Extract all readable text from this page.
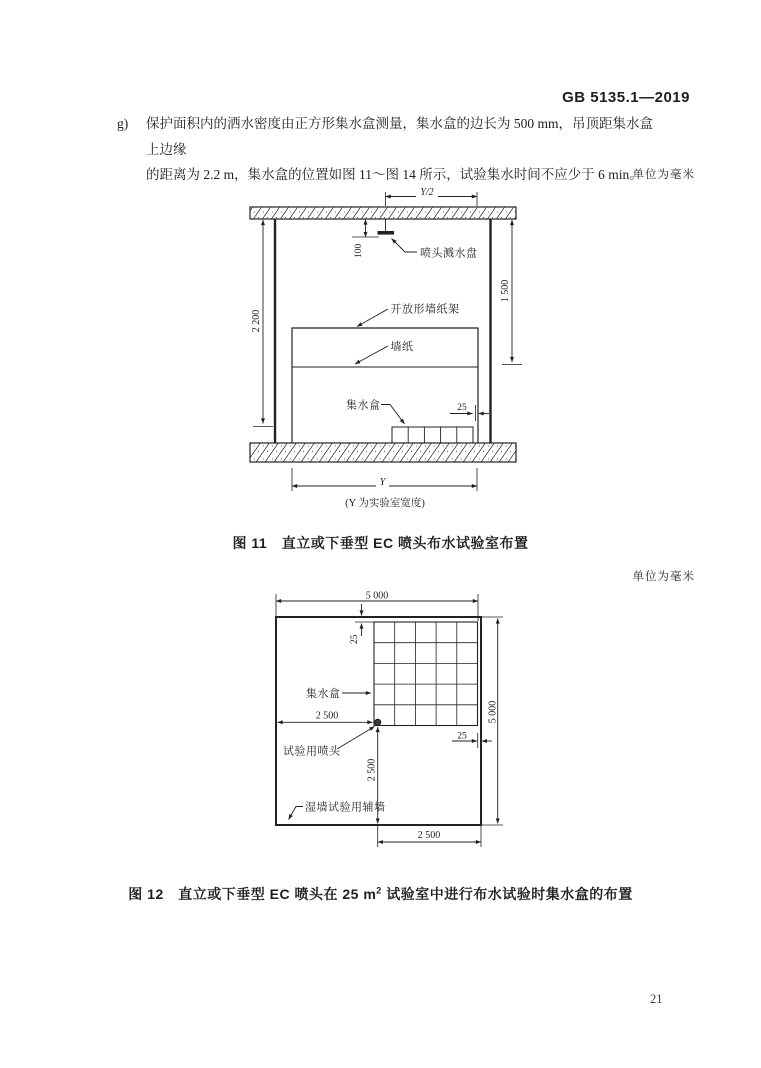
GB 5135.1—2019
g)	保护面积内的洒水密度由正方形集水盒测量，集水盒的边长为 500 mm，吊顶距集水盒上边缘
的距离为 2.2 m，集水盒的位置如图 11～图 14 所示，试验集水时间不应少于 6 min。
单位为毫米
单位为毫米
Y/2
100	喷头溅水盘
1 500
2 200
开放形墙纸架
墙纸
集水盒	25
Y
(Y 为实验室宽度)
图 11　直立或下垂型 EC 喷头布水试验室布置
5 000
25
集水盒
2 500
25
5 000
试验用喷头
2 500
湿墙试验用辅墙
2 500
图 12　直立或下垂型 EC 喷头在 25 $m^2$ 试验室中进行布水试验时集水盒的布置
21
